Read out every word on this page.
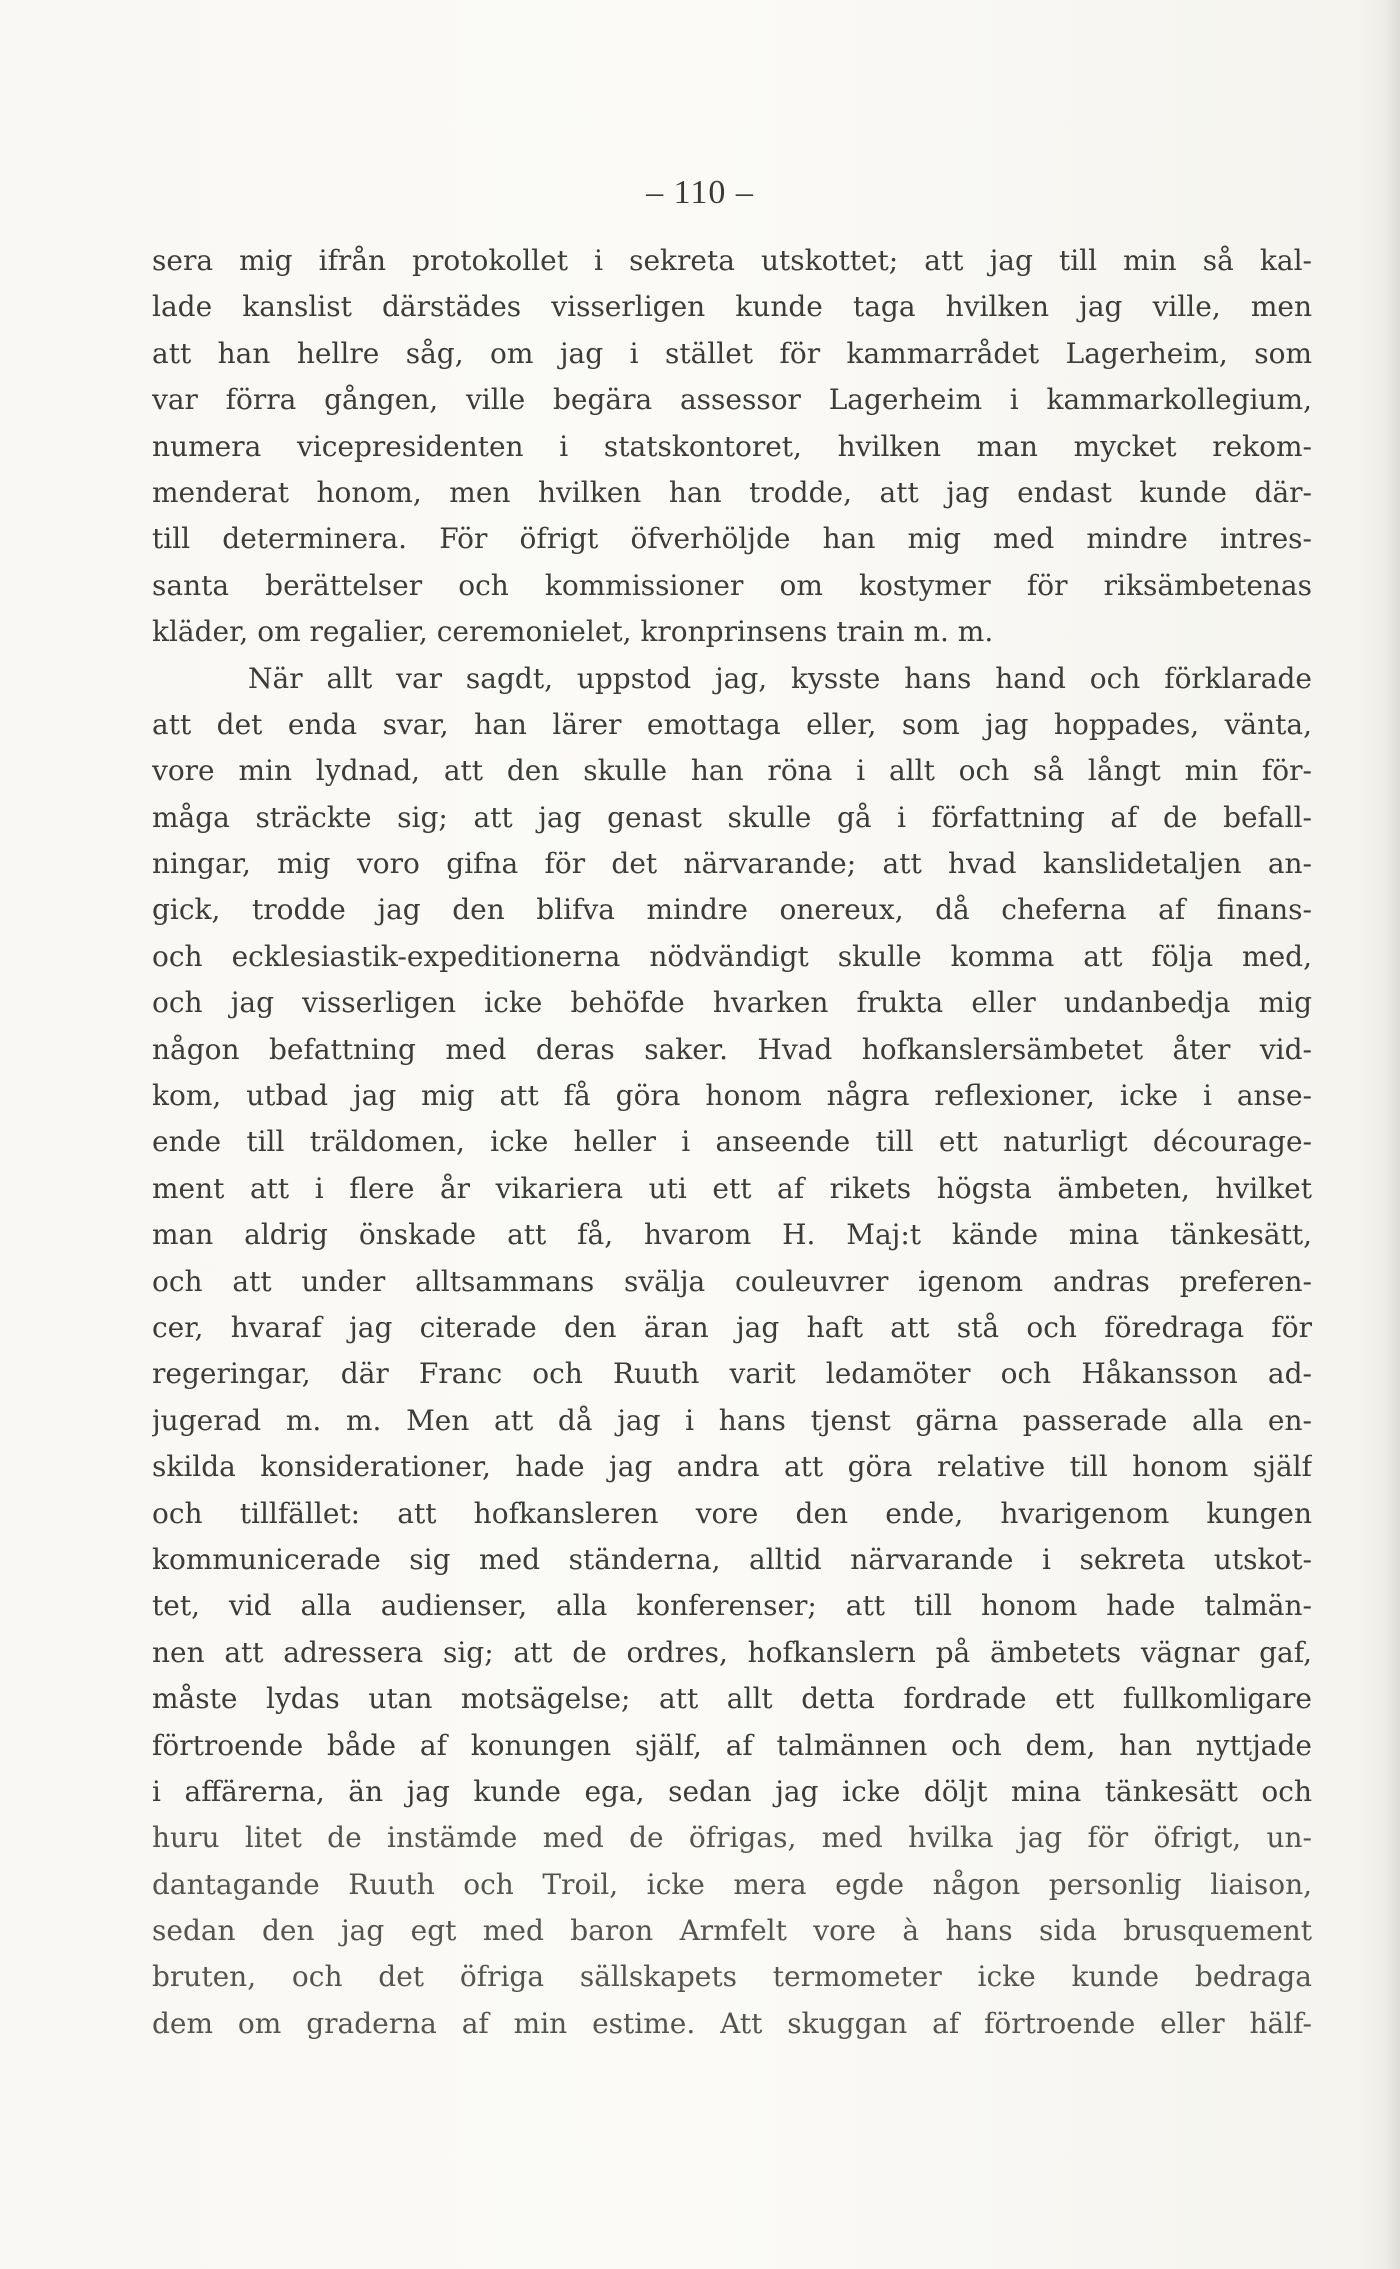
– 110 –
sera mig ifrån protokollet i sekreta utskottet; att jag till min så kal-
lade kanslist därstädes visserligen kunde taga hvilken jag ville, men
att han hellre såg, om jag i stället för kammarrådet Lagerheim, som
var förra gången, ville begära assessor Lagerheim i kammarkollegium,
numera vicepresidenten i statskontoret, hvilken man mycket rekom-
menderat honom, men hvilken han trodde, att jag endast kunde där-
till determinera. För öfrigt öfverhöljde han mig med mindre intres-
santa berättelser och kommissioner om kostymer för riksämbetenas
kläder, om regalier, ceremonielet, kronprinsens train m. m.
När allt var sagdt, uppstod jag, kysste hans hand och förklarade
att det enda svar, han lärer emottaga eller, som jag hoppades, vänta,
vore min lydnad, att den skulle han röna i allt och så långt min för-
måga sträckte sig; att jag genast skulle gå i författning af de befall-
ningar, mig voro gifna för det närvarande; att hvad kanslidetaljen an-
gick, trodde jag den blifva mindre onereux, då cheferna af finans-
och ecklesiastik-expeditionerna nödvändigt skulle komma att följa med,
och jag visserligen icke behöfde hvarken frukta eller undanbedja mig
någon befattning med deras saker. Hvad hofkanslersämbetet åter vid-
kom, utbad jag mig att få göra honom några reflexioner, icke i anse-
ende till träldomen, icke heller i anseende till ett naturligt décourage-
ment att i flere år vikariera uti ett af rikets högsta ämbeten, hvilket
man aldrig önskade att få, hvarom H. Maj:t kände mina tänkesätt,
och att under alltsammans svälja couleuvrer igenom andras preferen-
cer, hvaraf jag citerade den äran jag haft att stå och föredraga för
regeringar, där Franc och Ruuth varit ledamöter och Håkansson ad-
jugerad m. m. Men att då jag i hans tjenst gärna passerade alla en-
skilda konsiderationer, hade jag andra att göra relative till honom själf
och tillfället: att hofkansleren vore den ende, hvarigenom kungen
kommunicerade sig med ständerna, alltid närvarande i sekreta utskot-
tet, vid alla audienser, alla konferenser; att till honom hade talmän-
nen att adressera sig; att de ordres, hofkanslern på ämbetets vägnar gaf,
måste lydas utan motsägelse; att allt detta fordrade ett fullkomligare
förtroende både af konungen själf, af talmännen och dem, han nyttjade
i affärerna, än jag kunde ega, sedan jag icke döljt mina tänkesätt och
huru litet de instämde med de öfrigas, med hvilka jag för öfrigt, un-
dantagande Ruuth och Troil, icke mera egde någon personlig liaison,
sedan den jag egt med baron Armfelt vore à hans sida brusquement
bruten, och det öfriga sällskapets termometer icke kunde bedraga
dem om graderna af min estime. Att skuggan af förtroende eller hälf-
